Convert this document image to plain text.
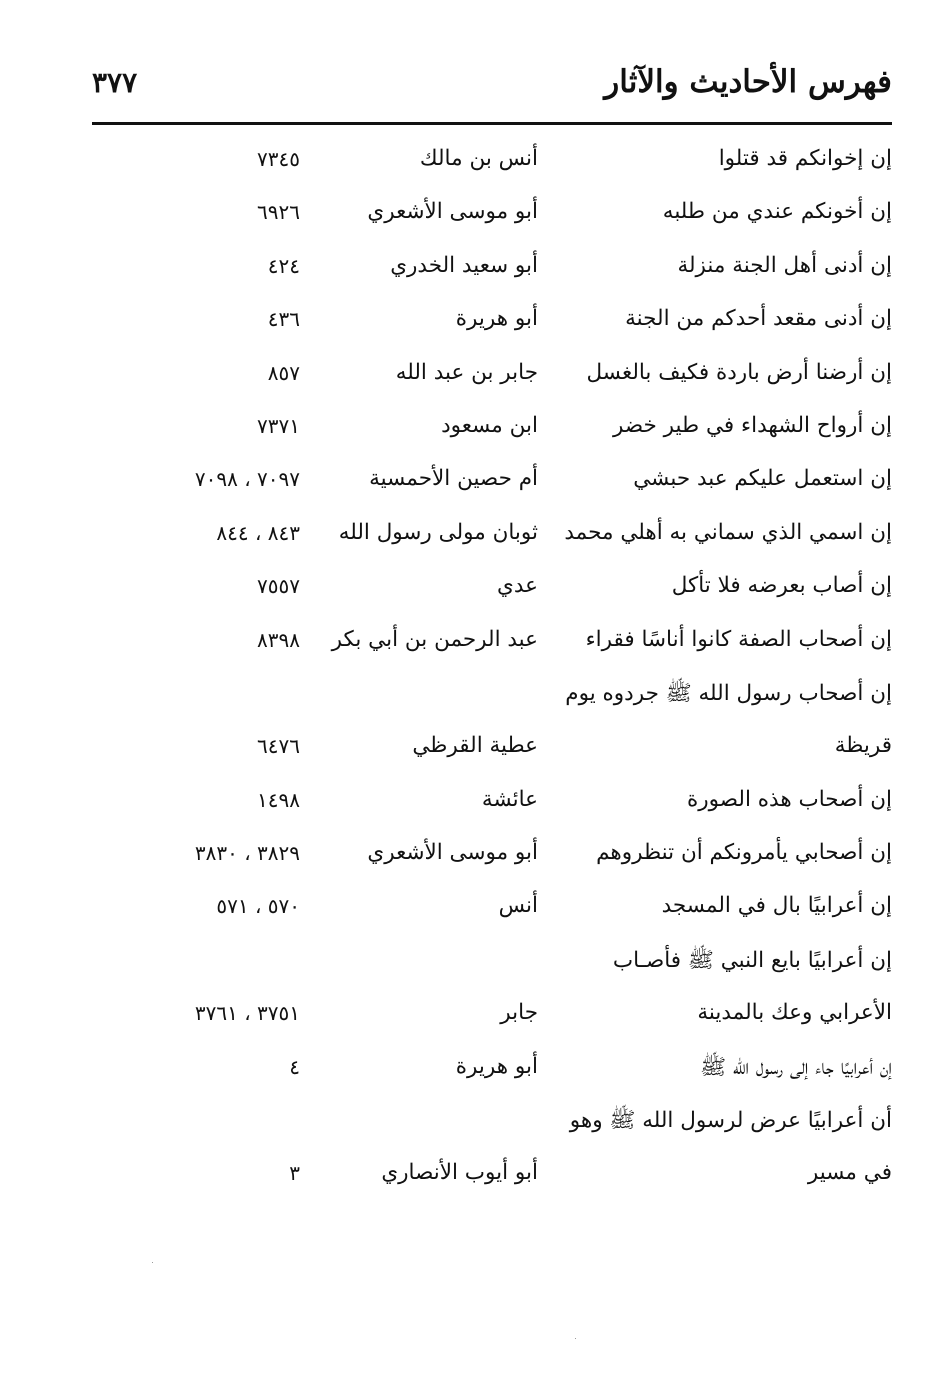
فهرس الأحاديث والآثار
٣٧٧
إن إخوانكم قد قتلوا
أنس بن مالك
٧٣٤٥
إن أخونكم عندي من طلبه
أبو موسى الأشعري
٦٩٢٦
إن أدنى أهل الجنة منزلة
أبو سعيد الخدري
٤٢٤
إن أدنى مقعد أحدكم من الجنة
أبو هريرة
٤٣٦
إن أرضنا أرض باردة فكيف بالغسل
جابر بن عبد الله
٨٥٧
إن أرواح الشهداء في طير خضر
ابن مسعود
٧٣٧١
إن استعمل عليكم عبد حبشي
أم حصين الأحمسية
٧٠٩٧ ، ٧٠٩٨
إن اسمي الذي سماني به أهلي محمد
ثوبان مولى رسول الله
٨٤٣ ، ٨٤٤
إن أصاب بعرضه فلا تأكل
عدي
٧٥٥٧
إن أصحاب الصفة كانوا أناسًا فقراء
عبد الرحمن بن أبي بكر
٨٣٩٨
إن أصحاب رسول الله ﷺ جردوه يوم
قريظة
عطية القرظي
٦٤٧٦
إن أصحاب هذه الصورة
عائشة
١٤٩٨
إن أصحابي يأمرونكم أن تنظروهم
أبو موسى الأشعري
٣٨٢٩ ، ٣٨٣٠
إن أعرابيًا بال في المسجد
أنس
٥٧٠ ، ٥٧١
إن أعرابيًا بايع النبي ﷺ فأصـاب
الأعرابي وعك بالمدينة
جابر
٣٧٥١ ، ٣٧٦١
إن أعرابيًا جاء إلى رسول الله ﷺ
أبو هريرة
٤
أن أعرابيًا عرض لرسول الله ﷺ وهو
في مسير
أبو أيوب الأنصاري
٣
